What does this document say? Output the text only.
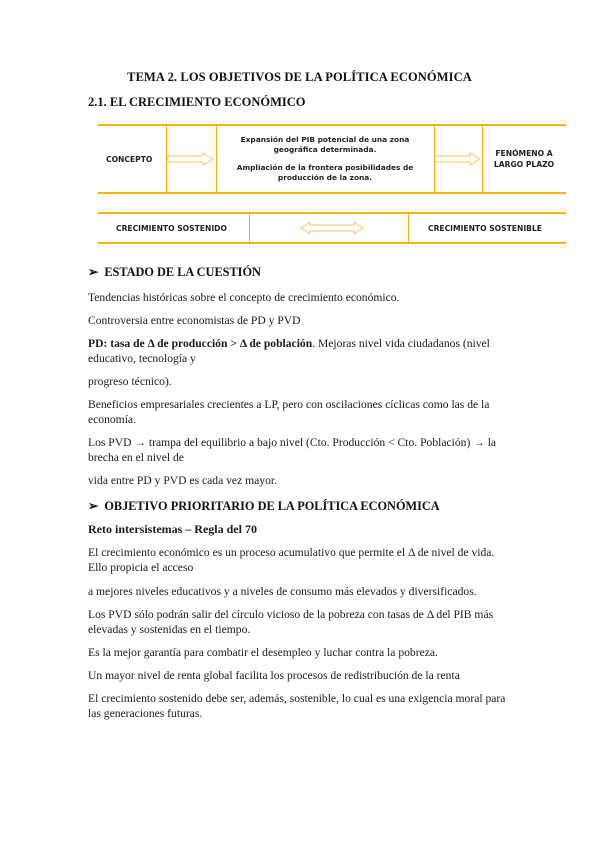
TEMA 2. LOS OBJETIVOS DE LA POLÍTICA ECONÓMICA
2.1. EL CRECIMIENTO ECONÓMICO
CONCEPTO
Expansión del PIB potencial de una zona
geográfica determinada.
Ampliación de la frontera posibilidades de
producción de la zona.
FENÓMENO A
LARGO PLAZO
CRECIMIENTO SOSTENIDO	CRECIMIENTO SOSTENIBLE
➢ ESTADO DE LA CUESTIÓN
Tendencias históricas sobre el concepto de crecimiento económico.
Controversia entre economistas de PD y PVD
PD: tasa de Δ de producción > Δ de población. Mejoras nivel vida ciudadanos (nivel
educativo, tecnología y
progreso técnico).
Beneficios empresariales crecientes a LP, pero con oscilaciones cíclicas como las de la
economía.
Los PVD → trampa del equilibrio a bajo nivel (Cto. Producción < Cto. Población) → la
brecha en el nivel de
vida entre PD y PVD es cada vez mayor.
➢ OBJETIVO PRIORITARIO DE LA POLÍTICA ECONÓMICA
Reto intersistemas – Regla del 70
El crecimiento económico es un proceso acumulativo que permite el Δ de nivel de vida.
Ello propicia el acceso
a mejores niveles educativos y a niveles de consumo más elevados y diversificados.
Los PVD sólo podrán salir del círculo vicioso de la pobreza con tasas de Δ del PIB más
elevadas y sostenidas en el tiempo.
Es la mejor garantía para combatir el desempleo y luchar contra la pobreza.
Un mayor nivel de renta global facilita los procesos de redistribución de la renta
El crecimiento sostenido debe ser, además, sostenible, lo cual es una exigencia moral para
las generaciones futuras.
